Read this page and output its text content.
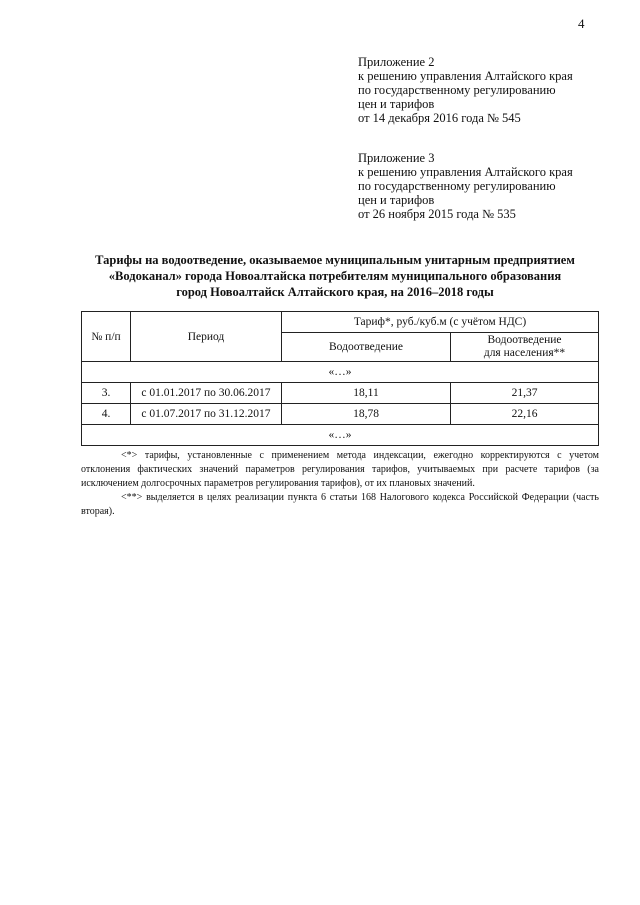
4
Приложение 2
к решению управления Алтайского края
по государственному регулированию
цен и тарифов
от 14 декабря 2016 года № 545
Приложение 3
к решению управления Алтайского края
по государственному регулированию
цен и тарифов
от 26 ноября 2015 года № 535
Тарифы на водоотведение, оказываемое муниципальным унитарным предприятием
«Водоканал» города Новоалтайска потребителям муниципального образования
город Новоалтайск Алтайского края, на 2016–2018 годы
№ п/п	Период	Тариф*, руб./куб.м (с учётом НДС)	
		Водоотведение	Водоотведение
для населения**

«…»			
3.	с 01.01.2017 по 30.06.2017	18,11	21,37
4.	с 01.07.2017 по 31.12.2017	18,78	22,16
«…»			

<*> тарифы, установленные с применением метода индексации, ежегодно корректируются с учетом отклонения фактических значений параметров регулирования тарифов, учитываемых при расчете тарифов (за исключением долгосрочных параметров регулирования тарифов), от их плановых значений.

<**> выделяется в целях реализации пункта 6 статьи 168 Налогового кодекса Российской Федерации (часть вторая).
